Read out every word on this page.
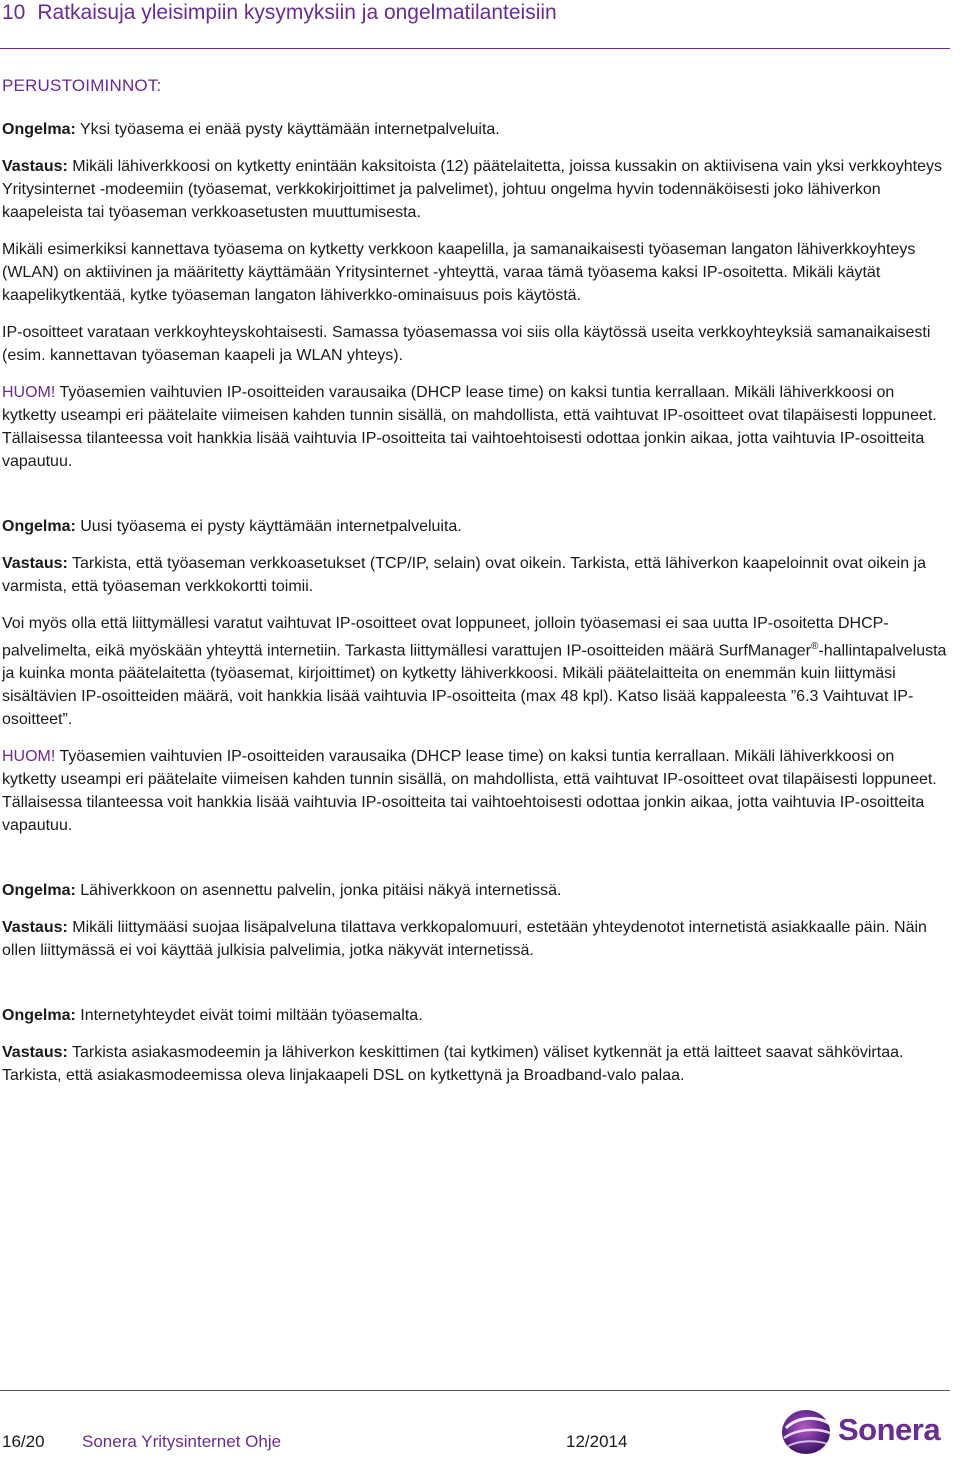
10 Ratkaisuja yleisimpiin kysymyksiin ja ongelmatilanteisiin
PERUSTOIMINNOT:

Ongelma: Yksi työasema ei enää pysty käyttämään internetpalveluita.

Vastaus: Mikäli lähiverkkoosi on kytketty enintään kaksitoista (12) päätelaitetta, joissa kussakin on aktiivisena vain yksi verkkoyhteys Yritysinternet -modeemiin (työasemat, verkkokirjoittimet ja palvelimet), johtuu ongelma hyvin todennäköisesti joko lähiverkon kaapeleista tai työaseman verkkoasetusten muuttumisesta.

Mikäli esimerkiksi kannettava työasema on kytketty verkkoon kaapelilla, ja samanaikaisesti työaseman langaton lähiverkkoyhteys (WLAN) on aktiivinen ja määritetty käyttämään Yritysinternet -yhteyttä, varaa tämä työasema kaksi IP-osoitetta. Mikäli käytät kaapelikytkentää, kytke työaseman langaton lähiverkko-ominaisuus pois käytöstä.

IP-osoitteet varataan verkkoyhteyskohtaisesti. Samassa työasemassa voi siis olla käytössä useita verkkoyhteyksiä samanaikaisesti (esim. kannettavan työaseman kaapeli ja WLAN yhteys).

HUOM! Työasemien vaihtuvien IP-osoitteiden varausaika (DHCP lease time) on kaksi tuntia kerrallaan. Mikäli lähiverkkoosi on kytketty useampi eri päätelaite viimeisen kahden tunnin sisällä, on mahdollista, että vaihtuvat IP-osoitteet ovat tilapäisesti loppuneet. Tällaisessa tilanteessa voit hankkia lisää vaihtuvia IP-osoitteita tai vaihtoehtoisesti odottaa jonkin aikaa, jotta vaihtuvia IP-osoitteita vapautuu.

Ongelma: Uusi työasema ei pysty käyttämään internetpalveluita.

Vastaus: Tarkista, että työaseman verkkoasetukset (TCP/IP, selain) ovat oikein. Tarkista, että lähiverkon kaapeloinnit ovat oikein ja varmista, että työaseman verkkokortti toimii.

Voi myös olla että liittymällesi varatut vaihtuvat IP-osoitteet ovat loppuneet, jolloin työasemasi ei saa uutta IP-osoitetta DHCP-palvelimelta, eikä myöskään yhteyttä internetiin. Tarkasta liittymällesi varattujen IP-osoitteiden määrä SurfManager®-hallintapalvelusta ja kuinka monta päätelaitetta (työasemat, kirjoittimet) on kytketty lähiverkkoosi. Mikäli päätelaitteita on enemmän kuin liittymäsi sisältävien IP-osoitteiden määrä, voit hankkia lisää vaihtuvia IP-osoitteita (max 48 kpl). Katso lisää kappaleesta ”6.3 Vaihtuvat IP-osoitteet”.

HUOM! Työasemien vaihtuvien IP-osoitteiden varausaika (DHCP lease time) on kaksi tuntia kerrallaan. Mikäli lähiverkkoosi on kytketty useampi eri päätelaite viimeisen kahden tunnin sisällä, on mahdollista, että vaihtuvat IP-osoitteet ovat tilapäisesti loppuneet. Tällaisessa tilanteessa voit hankkia lisää vaihtuvia IP-osoitteita tai vaihtoehtoisesti odottaa jonkin aikaa, jotta vaihtuvia IP-osoitteita vapautuu.

Ongelma: Lähiverkkoon on asennettu palvelin, jonka pitäisi näkyä internetissä.

Vastaus: Mikäli liittymääsi suojaa lisäpalveluna tilattava verkkopalomuuri, estetään yhteydenotot internetistä asiakkaalle päin. Näin ollen liittymässä ei voi käyttää julkisia palvelimia, jotka näkyvät internetissä.

Ongelma: Internetyhteydet eivät toimi miltään työasemalta.

Vastaus: Tarkista asiakasmodeemin ja lähiverkon keskittimen (tai kytkimen) väliset kytkennät ja että laitteet saavat sähkövirtaa. Tarkista, että asiakasmodeemissa oleva linjakaapeli DSL on kytkettynä ja Broadband-valo palaa.

16/20 Sonera Yritysinternet Ohje	12/2014	Sonera
